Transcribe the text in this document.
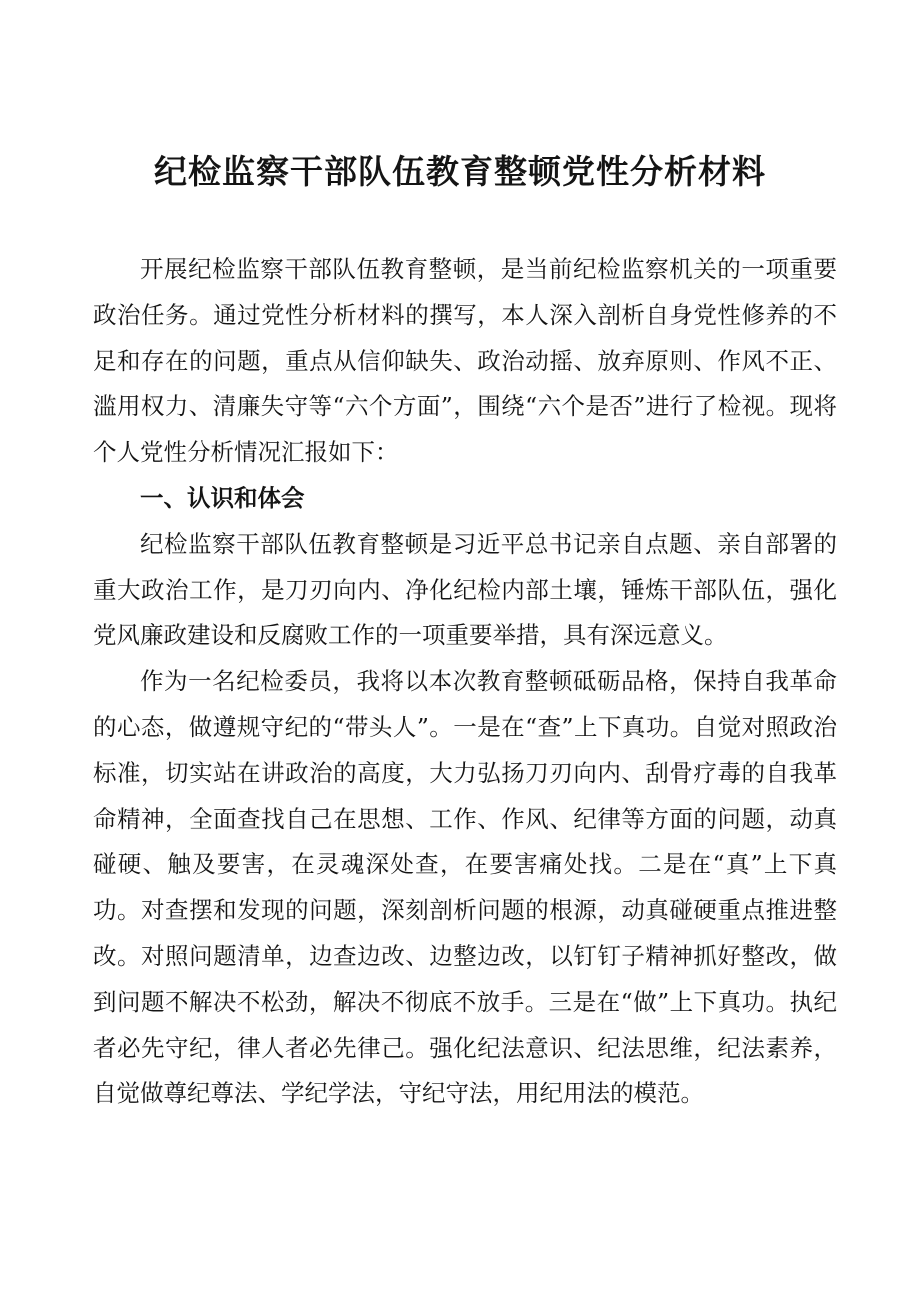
纪检监察干部队伍教育整顿党性分析材料

开展纪检监察干部队伍教育整顿，是当前纪检监察机关的一项重要政治任务。通过党性分析材料的撰写，本人深入剖析自身党性修养的不足和存在的问题，重点从信仰缺失、政治动摇、放弃原则、作风不正、滥用权力、清廉失守等“六个方面”，围绕“六个是否”进行了检视。现将个人党性分析情况汇报如下：

一、认识和体会

纪检监察干部队伍教育整顿是习近平总书记亲自点题、亲自部署的重大政治工作，是刀刃向内、净化纪检内部土壤，锤炼干部队伍，强化党风廉政建设和反腐败工作的一项重要举措，具有深远意义。

作为一名纪检委员，我将以本次教育整顿砥砺品格，保持自我革命的心态，做遵规守纪的“带头人”。一是在“查”上下真功。自觉对照政治标准，切实站在讲政治的高度，大力弘扬刀刃向内、刮骨疗毒的自我革命精神，全面查找自己在思想、工作、作风、纪律等方面的问题，动真碰硬、触及要害，在灵魂深处查，在要害痛处找。二是在“真”上下真功。对查摆和发现的问题，深刻剖析问题的根源，动真碰硬重点推进整改。对照问题清单，边查边改、边整边改，以钉钉子精神抓好整改，做到问题不解决不松劲，解决不彻底不放手。三是在“做”上下真功。执纪者必先守纪，律人者必先律己。强化纪法意识、纪法思维，纪法素养，自觉做尊纪尊法、学纪学法，守纪守法，用纪用法的模范。
